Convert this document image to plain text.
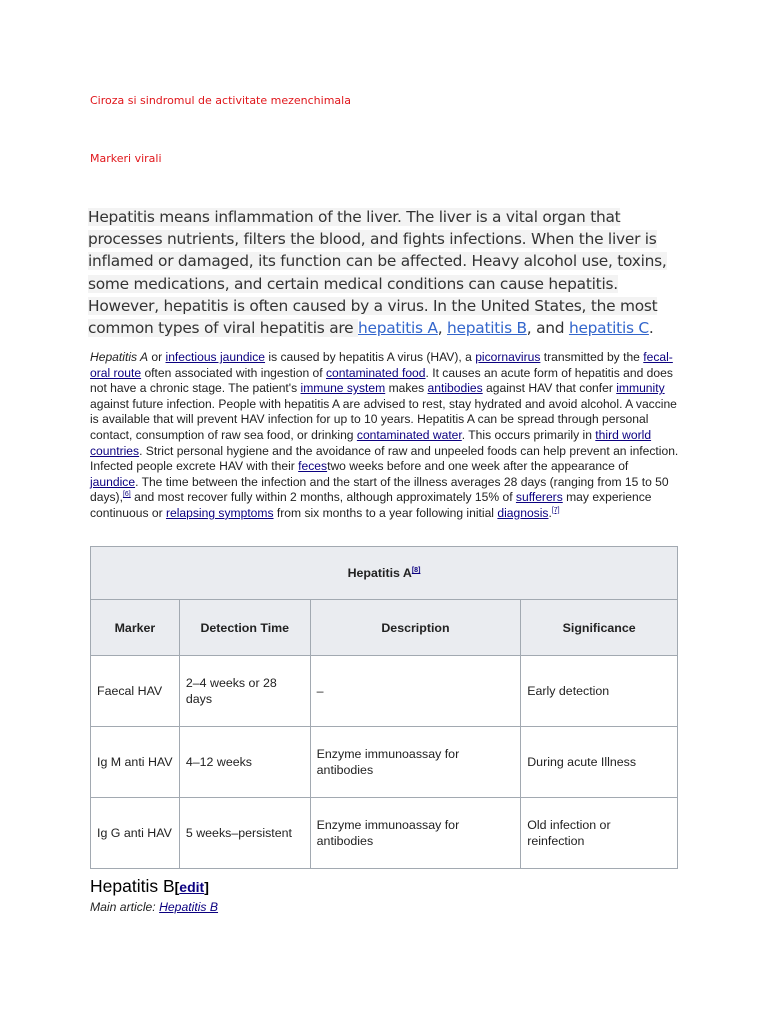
Ciroza si sindromul de activitate mezenchimala
Markeri virali
Hepatitis means inflammation of the liver. The liver is a vital organ that processes nutrients, filters the blood, and fights infections. When the liver is inflamed or damaged, its function can be affected. Heavy alcohol use, toxins, some medications, and certain medical conditions can cause hepatitis. However, hepatitis is often caused by a virus. In the United States, the most common types of viral hepatitis are hepatitis A, hepatitis B, and hepatitis C.
Hepatitis A or infectious jaundice is caused by hepatitis A virus (HAV), a picornavirus transmitted by the fecal-oral route often associated with ingestion of contaminated food. It causes an acute form of hepatitis and does not have a chronic stage. The patient's immune system makes antibodies against HAV that confer immunity against future infection. People with hepatitis A are advised to rest, stay hydrated and avoid alcohol. A vaccine is available that will prevent HAV infection for up to 10 years. Hepatitis A can be spread through personal contact, consumption of raw sea food, or drinking contaminated water. This occurs primarily in third world countries. Strict personal hygiene and the avoidance of raw and unpeeled foods can help prevent an infection. Infected people excrete HAV with their fecestwo weeks before and one week after the appearance of jaundice. The time between the infection and the start of the illness averages 28 days (ranging from 15 to 50 days),[6] and most recover fully within 2 months, although approximately 15% of sufferers may experience continuous or relapsing symptoms from six months to a year following initial diagnosis.[7]
Hepatitis A[8]
Marker	Detection Time	Description	Significance
Faecal HAV	2–4 weeks or 28 days	–	Early detection
Ig M anti HAV	4–12 weeks	Enzyme immunoassay for antibodies	During acute Illness
Ig G anti HAV	5 weeks–persistent	Enzyme immunoassay for antibodies	Old infection or reinfection
Hepatitis B[edit]
Main article: Hepatitis B
